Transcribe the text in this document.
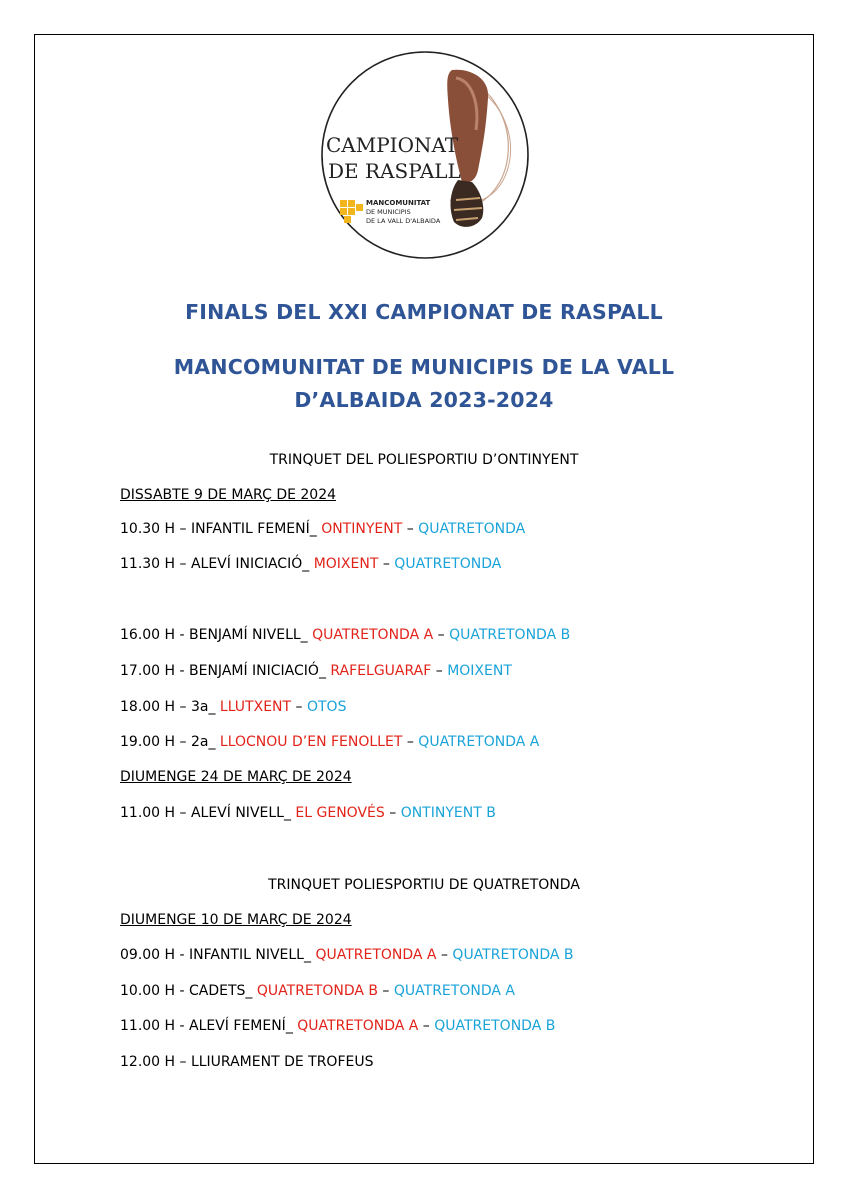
CAMPIONAT
DE RASPALL
MANCOMUNITAT
DE MUNICIPIS
DE LA VALL D'ALBAIDA
FINALS DEL XXI CAMPIONAT DE RASPALL
MANCOMUNITAT DE MUNICIPIS DE LA VALL
D’ALBAIDA 2023-2024
TRINQUET DEL POLIESPORTIU D’ONTINYENT
DISSABTE 9 DE MARÇ DE 2024
10.30 H – INFANTIL FEMENÍ_ ONTINYENT – QUATRETONDA
11.30 H – ALEVÍ INICIACIÓ_ MOIXENT – QUATRETONDA
16.00 H - BENJAMÍ NIVELL_ QUATRETONDA A – QUATRETONDA B
17.00 H - BENJAMÍ INICIACIÓ_ RAFELGUARAF – MOIXENT
18.00 H – 3a_ LLUTXENT – OTOS
19.00 H – 2a_ LLOCNOU D’EN FENOLLET – QUATRETONDA A
DIUMENGE 24 DE MARÇ DE 2024
11.00 H – ALEVÍ NIVELL_ EL GENOVÉS – ONTINYENT B
TRINQUET POLIESPORTIU DE QUATRETONDA
DIUMENGE 10 DE MARÇ DE 2024
09.00 H - INFANTIL NIVELL_ QUATRETONDA A – QUATRETONDA B
10.00 H - CADETS_ QUATRETONDA B – QUATRETONDA A
11.00 H - ALEVÍ FEMENÍ_ QUATRETONDA A – QUATRETONDA B
12.00 H – LLIURAMENT DE TROFEUS
